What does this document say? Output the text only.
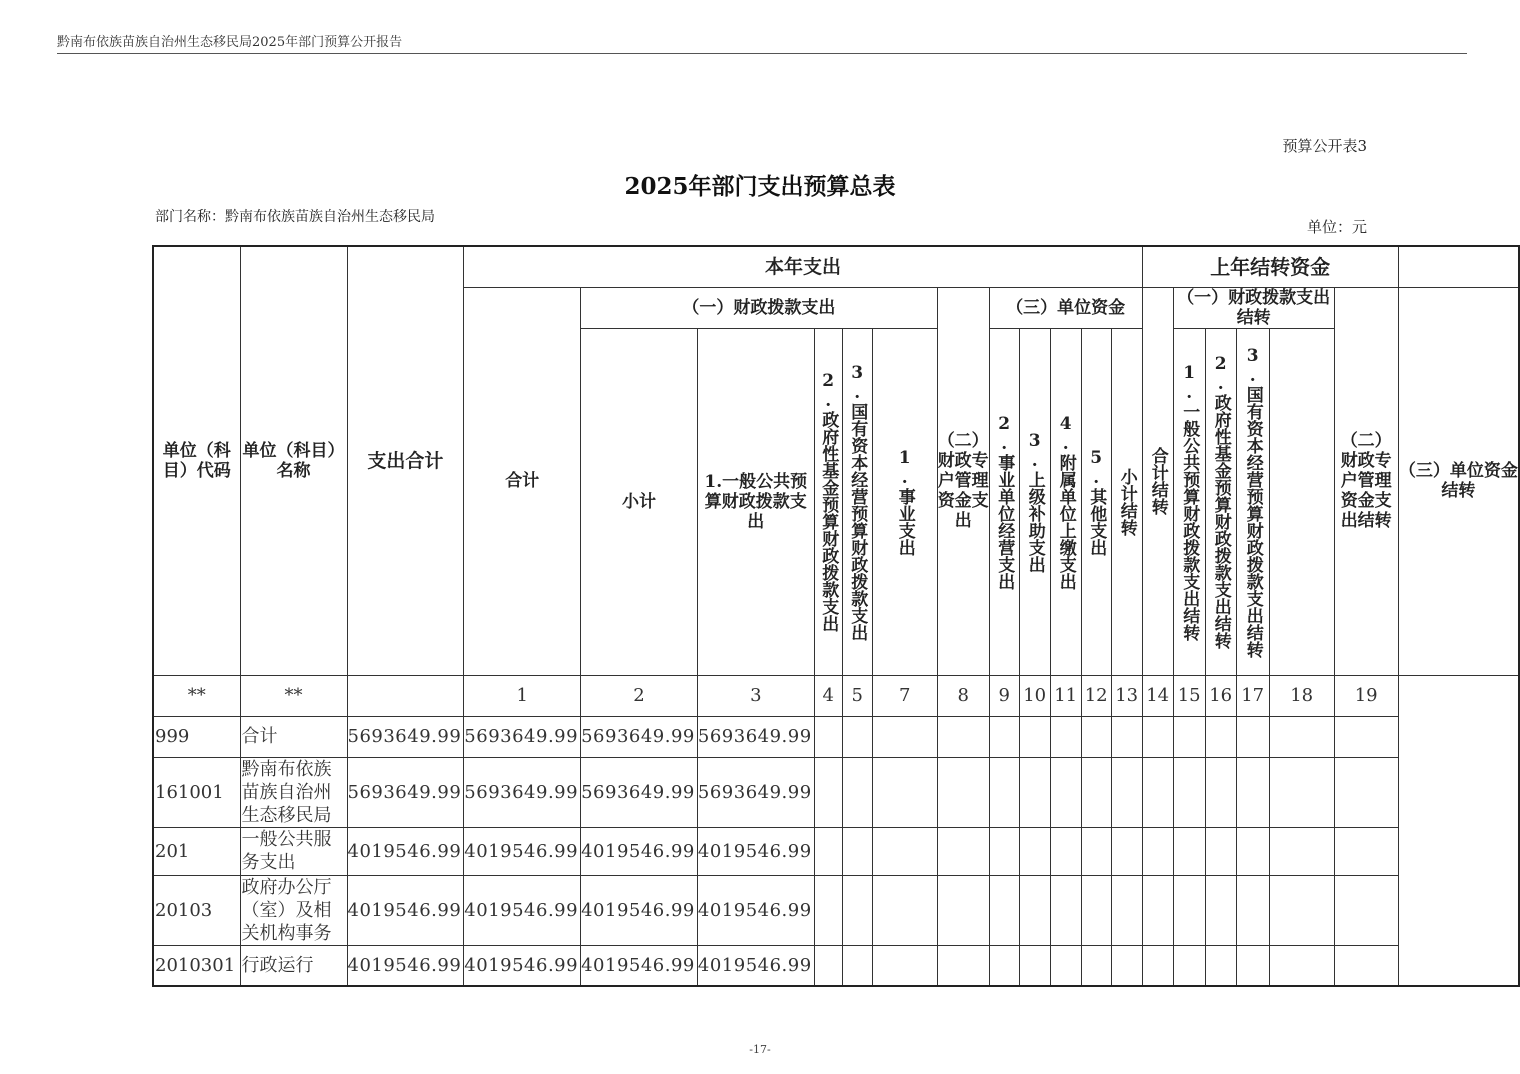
黔南布依族苗族自治州生态移民局2025年部门预算公开报告
预算公开表3
2025年部门支出预算总表
部门名称：黔南布依族苗族自治州生态移民局
单位：元
单位（科目）代码	单位（科目）名称	支出合计	本年支出												上年结转资金						
			合计	（一）财政拨款支出					（二）财政专户管理资金支出	（三）单位资金					合计结转	（一）财政拨款支出结转				（二）财政专户管理资金支出结转	（三）单位资金结转
				小计	1.一般公共预算财政拨款支出	2.政府性基金预算财政拨款支出	3.国有资本经营预算财政拨款支出	1.事业支出		2.事业单位经营支出	3.上级补助支出	4.附属单位上缴支出	5.其他支出	小计结转		1.一般公共预算财政拨款支出结转	2.政府性基金预算财政拨款支出结转	3.国有资本经营预算财政拨款支出结转			

**	**		1	2	3	4	5	7	8	9	10	11	12	13	14	15	16	17	18	19	
999	合计	5693649.99	5693649.99	5693649.99	5693649.99																
161001	黔南布依族苗族自治州生态移民局	5693649.99	5693649.99	5693649.99	5693649.99																
201	一般公共服务支出	4019546.99	4019546.99	4019546.99	4019546.99																
20103	政府办公厅（室）及相关机构事务	4019546.99	4019546.99	4019546.99	4019546.99																
2010301	行政运行	4019546.99	4019546.99	4019546.99	4019546.99																
-17-
